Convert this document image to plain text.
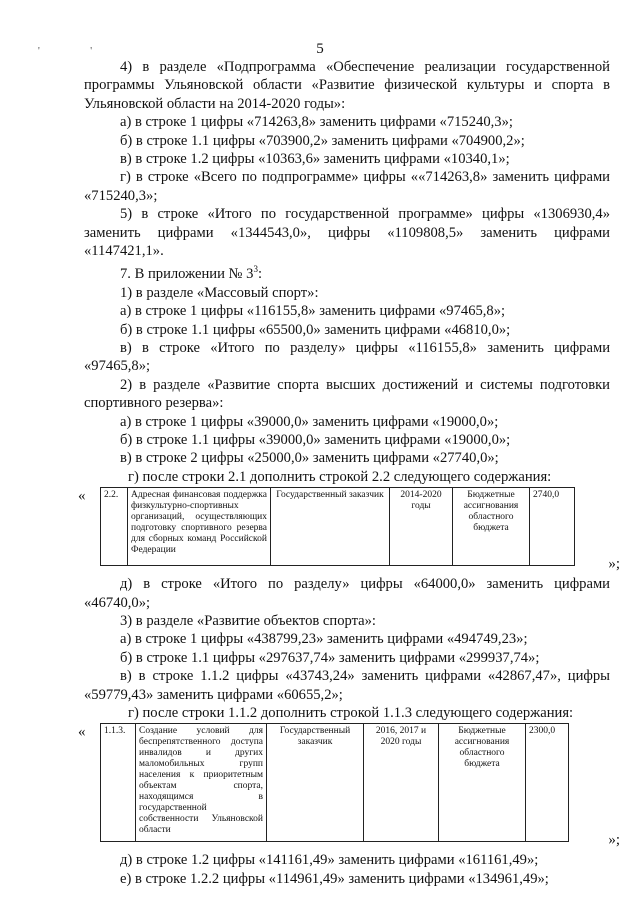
' '	5

4) в разделе «Подпрограмма «Обеспечение реализации государственной программы Ульяновской области «Развитие физической культуры и спорта в Ульяновской области на 2014-2020 годы»:

а) в строке 1 цифры «714263,8» заменить цифрами «715240,3»;

б) в строке 1.1 цифры «703900,2» заменить цифрами «704900,2»;

в) в строке 1.2 цифры «10363,6» заменить цифрами «10340,1»;

г) в строке «Всего по подпрограмме» цифры ««714263,8» заменить цифрами «715240,3»;

5) в строке «Итого по государственной программе» цифры «1306930,4» заменить цифрами «1344543,0», цифры «1109808,5» заменить цифрами «1147421,1».

7. В приложении № $3^3$:

1) в разделе «Массовый спорт»:

а) в строке 1 цифры «116155,8» заменить цифрами «97465,8»;

б) в строке 1.1 цифры «65500,0» заменить цифрами «46810,0»;

в) в строке «Итого по разделу» цифры «116155,8» заменить цифрами «97465,8»;

2) в разделе «Развитие спорта высших достижений и системы подготовки спортивного резерва»:

а) в строке 1 цифры «39000,0» заменить цифрами «19000,0»;

б) в строке 1.1 цифры «39000,0» заменить цифрами «19000,0»;

в) в строке 2 цифры «25000,0» заменить цифрами «27740,0»;

г) после строки 2.1 дополнить строкой 2.2 следующего содержания:

« 2.2.	Адресная финансовая поддержка физкультурно-спортивных организаций, осуществляющих подготовку спортивного резерва для сборных команд Российской Федерации	Государственный заказчик	2014-2020 годы	Бюджетные ассигнования областного бюджета	2740,0
»;

д) в строке «Итого по разделу» цифры «64000,0» заменить цифрами «46740,0»;

3) в разделе «Развитие объектов спорта»:

а) в строке 1 цифры «438799,23» заменить цифрами «494749,23»;

б) в строке 1.1 цифры «297637,74» заменить цифрами «299937,74»;

в) в строке 1.1.2 цифры «43743,24» заменить цифрами «42867,47», цифры «59779,43» заменить цифрами «60655,2»;

г) после строки 1.1.2 дополнить строкой 1.1.3 следующего содержания:

« 1.1.3.	Создание условий для беспрепятственного доступа инвалидов и других маломобильных групп населения к приоритетным объектам спорта, находящимся в государственной собственности Ульяновской области	Государственный заказчик	2016, 2017 и 2020 годы	Бюджетные ассигнования областного бюджета	2300,0
»;

д) в строке 1.2 цифры «141161,49» заменить цифрами «161161,49»;

е) в строке 1.2.2 цифры «114961,49» заменить цифрами «134961,49»;
